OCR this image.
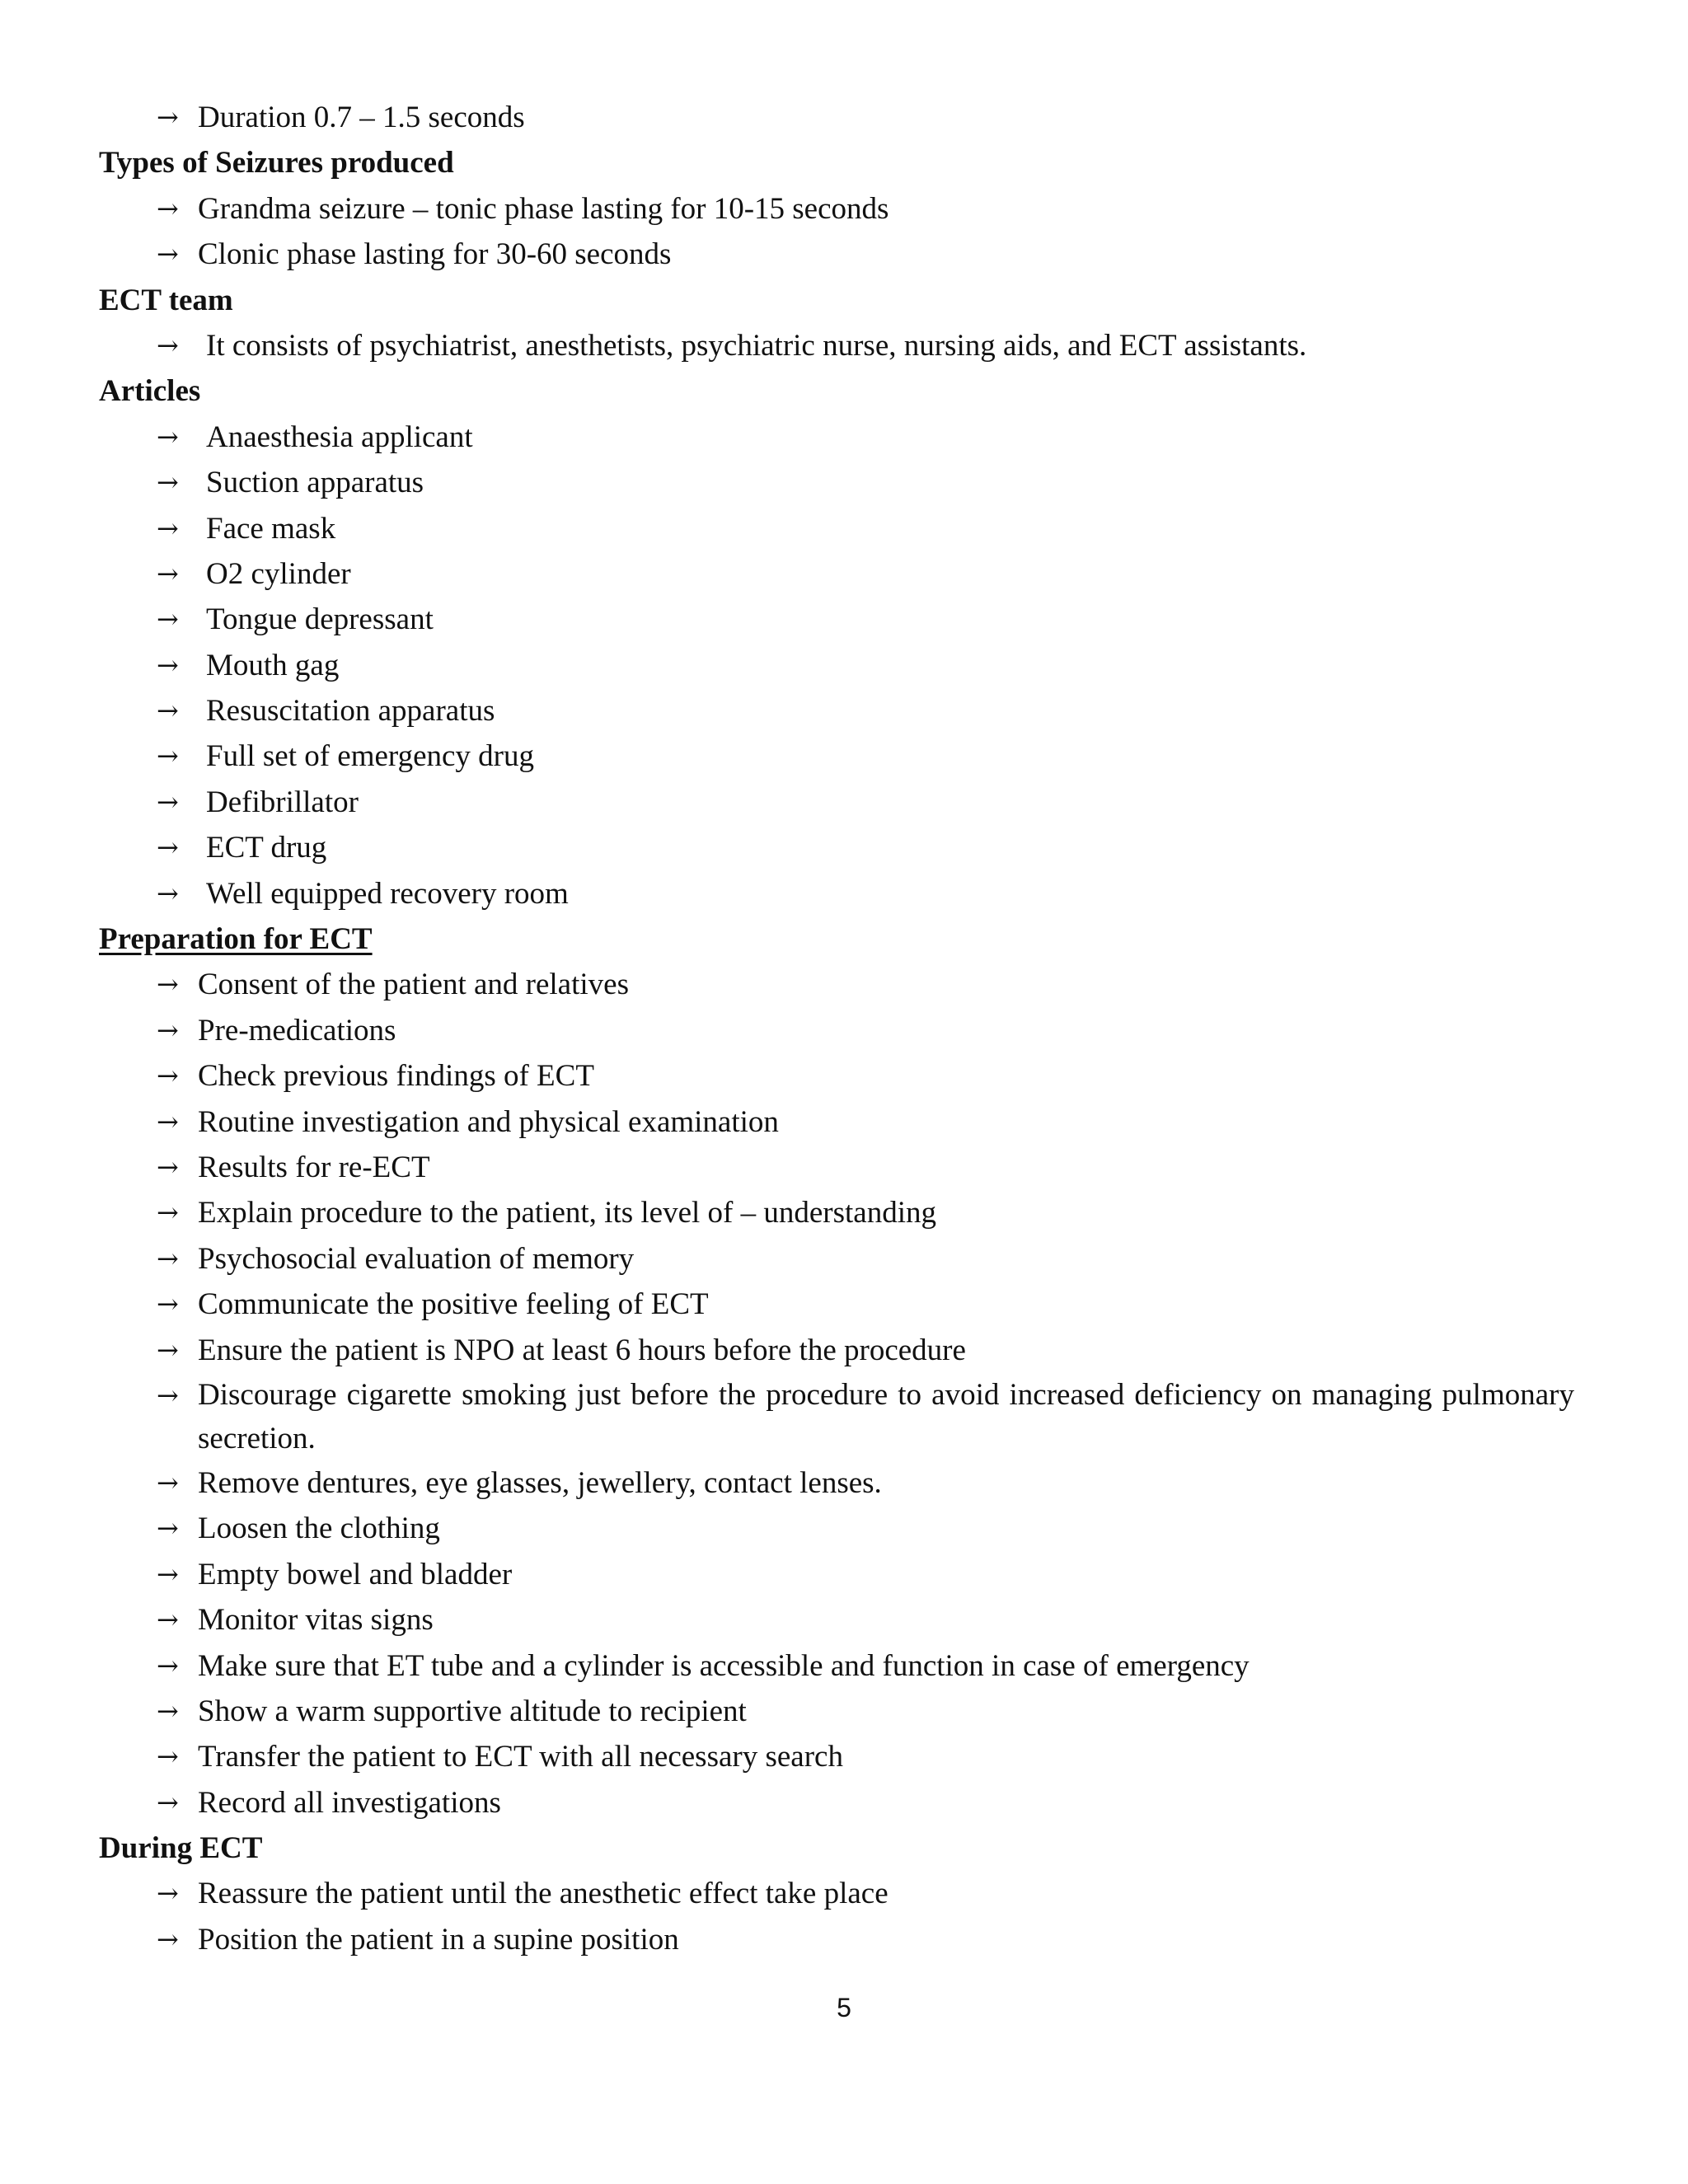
→ Duration 0.7 – 1.5 seconds
Types of Seizures produced
→ Grandma seizure – tonic phase lasting for 10-15 seconds
→ Clonic phase lasting for 30-60 seconds
ECT team
→ It consists of psychiatrist, anesthetists, psychiatric nurse, nursing aids, and ECT assistants.
Articles
→ Anaesthesia applicant
→ Suction apparatus
→ Face mask
→ O2 cylinder
→ Tongue depressant
→ Mouth gag
→ Resuscitation apparatus
→ Full set of emergency drug
→ Defibrillator
→ ECT drug
→ Well equipped recovery room
Preparation for ECT
→ Consent of the patient and relatives
→ Pre-medications
→ Check previous findings of ECT
→ Routine investigation and physical examination
→ Results for re-ECT
→ Explain procedure to the patient, its level of – understanding
→ Psychosocial evaluation of memory
→ Communicate the positive feeling of ECT
→ Ensure the patient is NPO at least 6 hours before the procedure
→ Discourage cigarette smoking just before the procedure to avoid increased deficiency on managing pulmonary secretion.
→ Remove dentures, eye glasses, jewellery, contact lenses.
→ Loosen the clothing
→ Empty bowel and bladder
→ Monitor vitas signs
→ Make sure that ET tube and a cylinder is accessible and function in case of emergency
→ Show a warm supportive altitude to recipient
→ Transfer the patient to ECT with all necessary search
→ Record all investigations
During ECT
→ Reassure the patient until the anesthetic effect take place
→ Position the patient in a supine position
5
